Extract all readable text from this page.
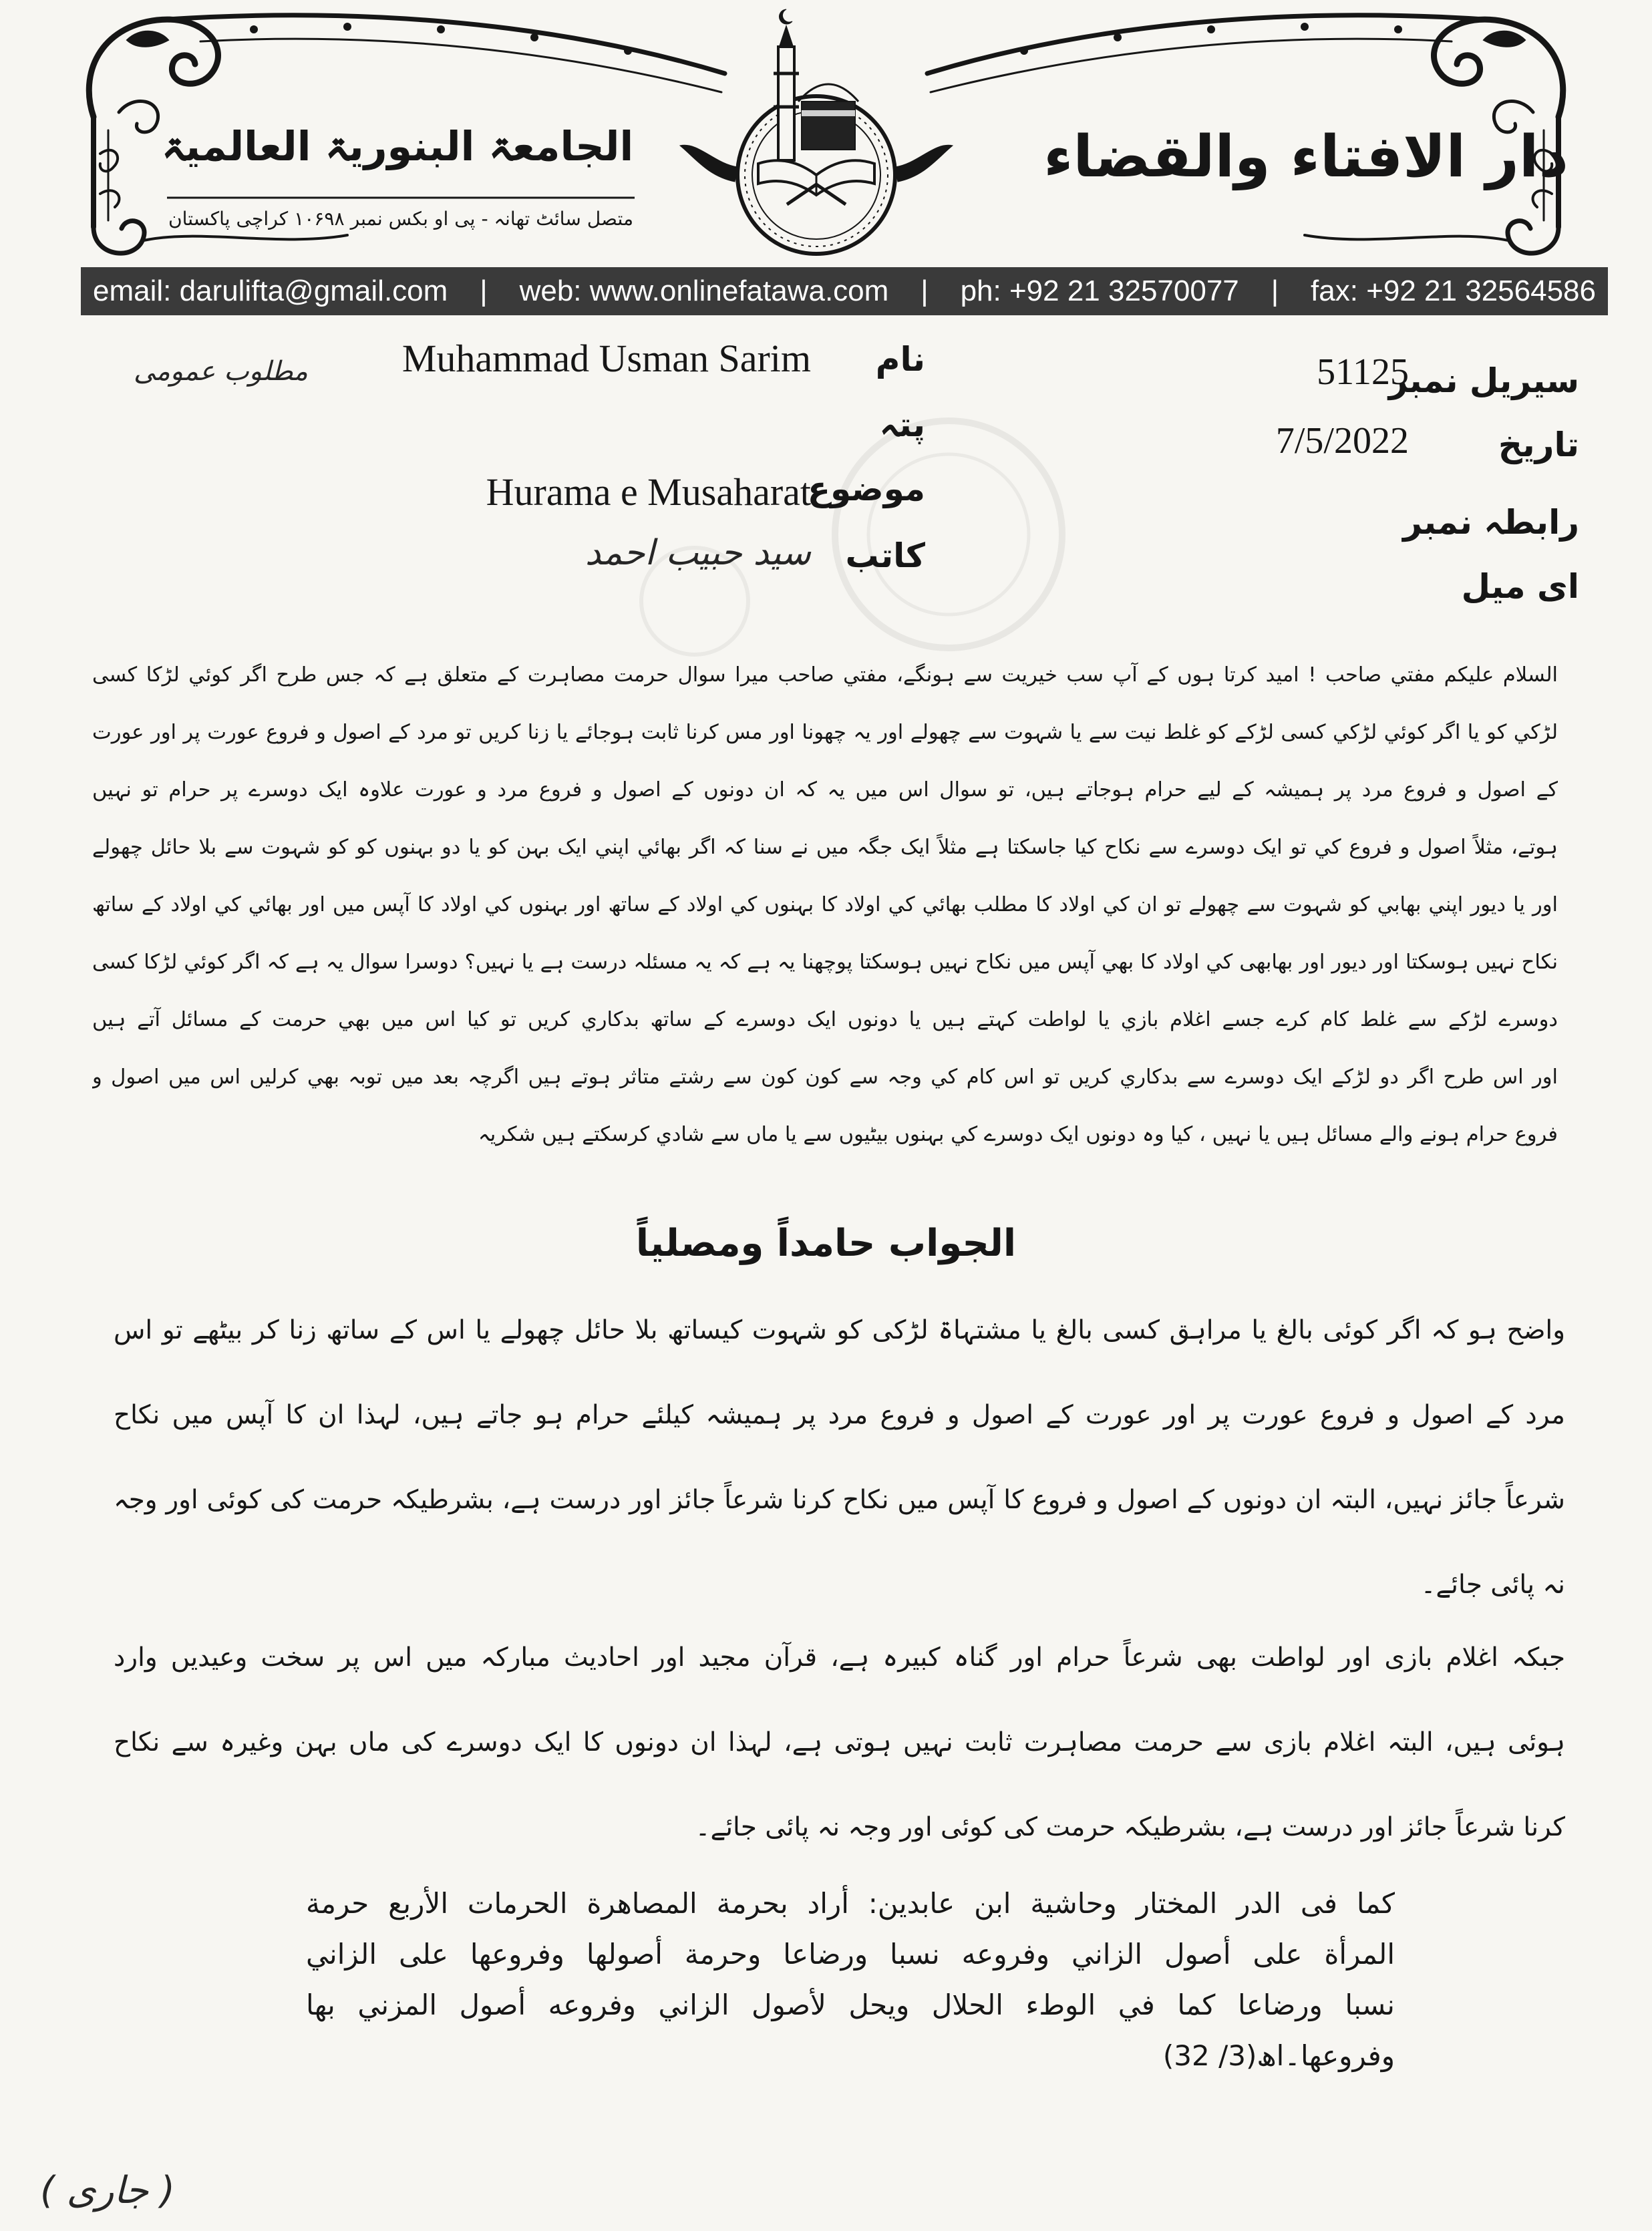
الجامعۃ البنوریۃ العالمیۃ
متصل سائٹ تھانہ - پی او بکس نمبر ۱۰۶۹۸ کراچی پاکستان
دار الافتاء والقضاء
email: darulifta@gmail.com | web: www.onlinefatawa.com | ph: +92 21 32570077 | fax: +92 21 32564586
مطلوب عمومی	سیریل نمبر
تاریخ
رابطہ نمبر
ای میل
51125
7/5/2022
نام
پتہ
موضوع
کاتب
Muhammad Usman Sarim
Hurama e Musaharat
سید حبیب احمد
السلام علیکم مفتي صاحب ! امید کرتا ہوں کے آپ سب خیریت سے ہونگے، مفتي صاحب میرا سوال حرمت مصاہرت کے متعلق ہے کہ جس طرح اگر کوئي لڑکا کسی
لڑکي کو یا اگر کوئي لڑکي کسی لڑکے کو غلط نیت سے یا شہوت سے چھولے اور یہ چھونا اور مس کرنا ثابت ہوجائے یا زنا کریں تو مرد کے اصول و فروع عورت پر اور عورت
کے اصول و فروع مرد پر ہمیشہ کے لیے حرام ہوجاتے ہیں، تو سوال اس میں یہ کہ ان دونوں کے اصول و فروع مرد و عورت علاوہ ایک دوسرے پر حرام تو نہیں
ہوتے، مثلاً اصول و فروع کي تو ایک دوسرے سے نکاح کیا جاسکتا ہے مثلاً ایک جگہ میں نے سنا کہ اگر بھائي اپني ایک بہن کو یا دو بہنوں کو کو شہوت سے بلا حائل چھولے
اور یا دیور اپني بھابي کو شہوت سے چھولے تو ان کي اولاد کا مطلب بھائي کي اولاد کا بہنوں کي اولاد کے ساتھ اور بہنوں کي اولاد کا آپس میں اور بھائي کي اولاد کے ساتھ
نکاح نہیں ہوسکتا اور دیور اور بھابھی کي اولاد کا بھي آپس میں نکاح نہیں ہوسکتا پوچھنا یہ ہے کہ یہ مسئلہ درست ہے یا نہیں؟ دوسرا سوال یہ ہے کہ اگر کوئي لڑکا کسی
دوسرے لڑکے سے غلط کام کرے جسے اغلام بازي یا لواطت کہتے ہیں یا دونوں ایک دوسرے کے ساتھ بدکاري کریں تو کیا اس میں بھي حرمت کے مسائل آتے ہیں
اور اس طرح اگر دو لڑکے ایک دوسرے سے بدکاري کریں تو اس کام کي وجہ سے کون کون سے رشتے متاثر ہوتے ہیں اگرچہ بعد میں توبہ بھي کرلیں اس میں اصول و
فروع حرام ہونے والے مسائل ہیں یا نہیں ، کیا وہ دونوں ایک دوسرے کي بہنوں بیٹیوں سے یا ماں سے شادي کرسکتے ہیں شکریہ
الجواب حامداً ومصلیاً
واضح ہو کہ اگر کوئی بالغ یا مراہق کسی بالغ یا مشتہاۃ لڑکی کو شہوت کیساتھ بلا حائل چھولے یا اس کے ساتھ زنا کر بیٹھے تو اس
مرد کے اصول و فروع عورت پر اور عورت کے اصول و فروع مرد پر ہمیشہ کیلئے حرام ہو جاتے ہیں، لہذا ان کا آپس میں نکاح
شرعاً جائز نہیں، البتہ ان دونوں کے اصول و فروع کا آپس میں نکاح کرنا شرعاً جائز اور درست ہے، بشرطیکہ حرمت کی کوئی اور وجہ
نہ پائی جائے۔
جبکہ اغلام بازی اور لواطت بھی شرعاً حرام اور گناہ کبیرہ ہے، قرآن مجید اور احادیث مبارکہ میں اس پر سخت وعیدیں وارد
ہوئی ہیں، البتہ اغلام بازی سے حرمت مصاہرت ثابت نہیں ہوتی ہے، لہذا ان دونوں کا ایک دوسرے کی ماں بہن وغیرہ سے نکاح
کرنا شرعاً جائز اور درست ہے، بشرطیکہ حرمت کی کوئی اور وجہ نہ پائی جائے۔
كما فی الدر المختار وحاشية ابن عابدين: أراد بحرمة المصاهرة الحرمات الأربع حرمة
المرأة على أصول الزاني وفروعه نسبا ورضاعا وحرمة أصولها وفروعها على الزاني
نسبا ورضاعا كما في الوطء الحلال ويحل لأصول الزاني وفروعه أصول المزني بها
وفروعها۔اھ(3/ 32)
( جاری )
